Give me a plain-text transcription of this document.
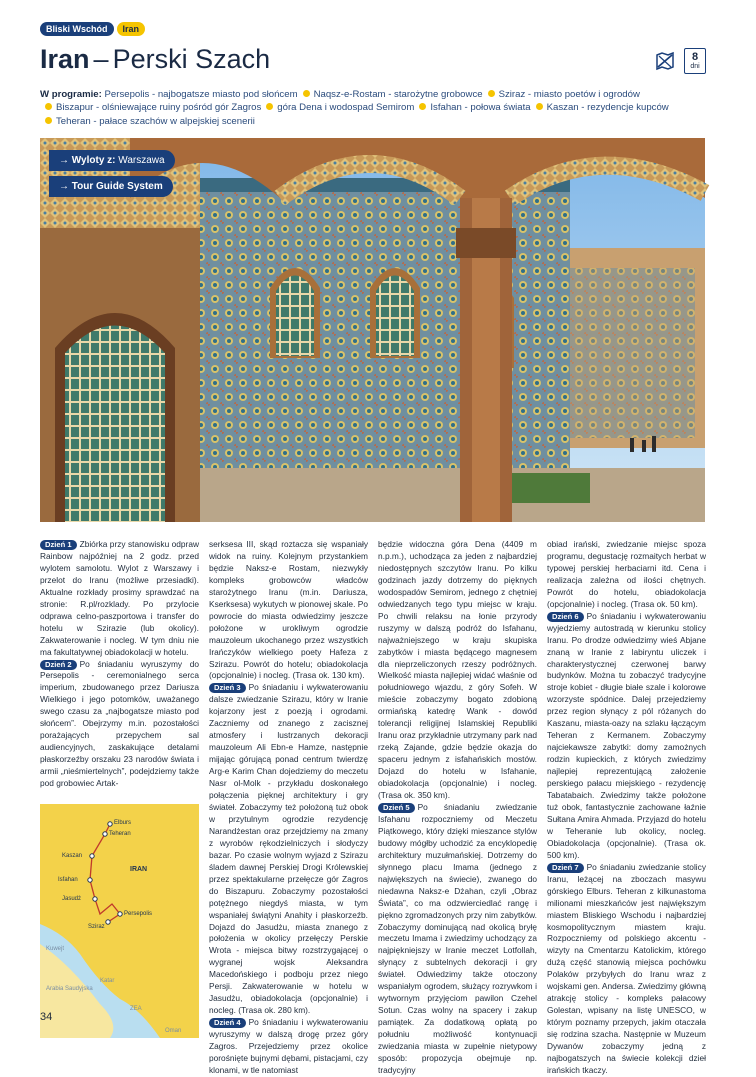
Bliski Wschód	Iran
Iran – Perski Szach	8
dni
W programie: Persepolis - najbogatsze miasto pod słońcem Naqsz-e-Rostam - starożytne grobowce Sziraz - miasto poetów i ogrodów
Biszapur - olśniewające ruiny pośród gór Zagros góra Dena i wodospad Semirom Isfahan - połowa świata Kaszan - rezydencje kupców
Teheran - pałace szachów w alpejskiej scenerii
→ Wyloty z: Warszawa
→ Tour Guide System

Dzień 1 Zbiórka przy stanowisku odpraw Rainbow najpóźniej na 2 godz. przed wylotem samolotu. Wylot z Warszawy i przelot do Iranu (możliwe przesiadki). Aktualne rozkłady prosimy sprawdzać na stronie: R.pl/rozklady. Po przylocie odprawa celno-paszportowa i transfer do hotelu w Szirazie (lub okolicy). Zakwaterowanie i nocleg. W tym dniu nie ma fakultatywnej obiadokolacji w hotelu.

Dzień 2 Po śniadaniu wyruszymy do Persepolis - ceremonialnego serca imperium, zbudowanego przez Dariusza Wielkiego i jego potomków, uważanego swego czasu za „najbogatsze miasto pod słońcem”. Obejrzymy m.in. pozostałości porażających przepychem sal audiencyjnych, zaskakujące detalami płaskorzeźby orszaku 23 narodów świata i armii „nieśmiertelnych”, podejdziemy także pod grobowiec Artak-

Elburs
Teheran
Kaszan
IRAN
Isfahan
Jasudż
Persepolis
Sziraz
Arabia Saudyjska
Katar
ZEA
Oman
Kuwejt

serksesa III, skąd roztacza się wspaniały widok na ruiny. Kolejnym przystankiem będzie Naksz-e Rostam, niezwykły kompleks grobowców władców starożytnego Iranu (m.in. Dariusza, Kserksesa) wykutych w pionowej skale. Po powrocie do miasta odwiedzimy jeszcze położone w urokliwym ogrodzie mauzoleum ukochanego przez wszystkich Irańczyków wielkiego poety Hafeza z Szirazu. Powrót do hotelu; obiadokolacja (opcjonalnie) i nocleg. (Trasa ok. 130 km).

Dzień 3 Po śniadaniu i wykwaterowaniu dalsze zwiedzanie Szirazu, który w Iranie kojarzony jest z poezją i ogrodami. Zaczniemy od znanego z zacisznej atmosfery i lustrzanych dekoracji mauzoleum Ali Ebn-e Hamze, następnie mijając górującą ponad centrum twierdzę Arg-e Karim Chan dojedziemy do meczetu Nasr ol-Molk - przykładu doskonałego połączenia pięknej architektury i gry świateł. Zobaczymy też położoną tuż obok w przytulnym ogrodzie rezydencję Narandżestan oraz przejdziemy na zmany z wyrobów rękodzielniczych i słodyczy bazar. Po czasie wolnym wyjazd z Szirazu śladem dawnej Perskiej Drogi Królewskiej przez spektakularne przełęcze gór Zagros do Biszapuru. Zobaczymy pozostałości potężnego niegdyś miasta, w tym wspaniałej świątyni Anahity i płaskorzeźb. Dojazd do Jasudżu, miasta znanego z położenia w okolicy przełęczy Perskie Wrota - miejsca bitwy rozstrzygającej o wygranej wojsk Aleksandra Macedońskiego i podboju przez niego Persji. Zakwaterowanie w hotelu w Jasudżu, obiadokolacja (opcjonalnie) i nocleg. (Trasa ok. 280 km).

Dzień 4 Po śniadaniu i wykwaterowaniu wyruszymy w dalszą drogę przez góry Zagros. Przejedziemy przez okolice porośnięte bujnymi dębami, pistacjami, czy klonami, w tle natomiast

będzie widoczna góra Dena (4409 m n.p.m.), uchodząca za jeden z najbardziej niedostępnych szczytów Iranu. Po kilku godzinach jazdy dotrzemy do pięknych wodospadów Semirom, jednego z chętniej odwiedzanych tego typu miejsc w kraju. Po chwili relaksu na łonie przyrody ruszymy w dalszą podróż do Isfahanu, najważniejszego w kraju skupiska zabytków i miasta będącego magnesem dla nieprzeliczonych rzeszy podróżnych. Wielkość miasta najlepiej widać właśnie od południowego wjazdu, z góry Sofeh. W mieście zobaczymy bogato zdobioną ormiańską katedrę Wank - dowód tolerancji religijnej Islamskiej Republiki Iranu oraz przykładnie utrzymany park nad rzeką Zajande, gdzie będzie okazja do spaceru jednym z isfahańskich mostów. Dojazd do hotelu w Isfahanie, obiadokolacja (opcjonalnie) i nocleg. (Trasa ok. 350 km).

Dzień 5 Po śniadaniu zwiedzanie Isfahanu rozpoczniemy od Meczetu Piątkowego, który dzięki mieszance stylów budowy mógłby uchodzić za encyklopedię architektury muzułmańskiej. Dotrzemy do słynnego placu Imama (jednego z największych na świecie), zwanego do niedawna Naksz-e Dżahan, czyli „Obraz Świata”, co ma odzwierciedlać rangę i piękno zgromadzonych przy nim zabytków. Zobaczymy dominującą nad okolicą bryłę meczetu Imama i zwiedzimy uchodzący za najpiękniejszy w Iranie meczet Lotfollah, słynący z subtelnych dekoracji i gry świateł. Odwiedzimy także otoczony wspaniałym ogrodem, służący rozrywkom i wytwornym przyjęciom pawilon Czehel Sotun. Czas wolny na spacery i zakup pamiątek. Za dodatkową opłatą po południu możliwość kontynuacji zwiedzania miasta w zupełnie nietypowy sposób: propozycja obejmuje np. tradycyjny

obiad irański, zwiedzanie miejsc spoza programu, degustację rozmaitych herbat w typowej perskiej herbaciarni itd. Cena i realizacja zależna od ilości chętnych. Powrót do hotelu, obiadokolacja (opcjonalnie) i nocleg. (Trasa ok. 50 km).

Dzień 6 Po śniadaniu i wykwaterowaniu wyjedziemy autostradą w kierunku stolicy Iranu. Po drodze odwiedzimy wieś Abjane znaną w Iranie z labiryntu uliczek i charakterystycznej czerwonej barwy budynków. Można tu zobaczyć tradycyjne stroje kobiet - długie białe szale i kolorowe wzorzyste spódnice. Dalej przejedziemy przez region słynący z pól różanych do Kaszanu, miasta-oazy na szlaku łączącym Teheran z Kermanem. Zobaczymy najciekawsze zabytki: domy zamożnych rodzin kupieckich, z których zwiedzimy najlepiej reprezentującą założenie perskiego pałacu miejskiego - rezydencję Tabatabaich. Zwiedzimy także położone tuż obok, fantastycznie zachowane łaźnie Sułtana Amira Ahmada. Przyjazd do hotelu w Teheranie lub okolicy, nocleg. Obiadokolacja (opcjonalnie). (Trasa ok. 500 km).

Dzień 7 Po śniadaniu zwiedzanie stolicy Iranu, leżącej na zboczach masywu górskiego Elburs. Teheran z kilkunastoma milionami mieszkańców jest największym miastem Bliskiego Wschodu i najbardziej kosmopolitycznym miastem kraju. Rozpoczniemy od polskiego akcentu - wizyty na Cmentarzu Katolickim, którego dużą część stanowią miejsca pochówku Polaków przybyłych do Iranu wraz z wojskami gen. Andersa. Zwiedzimy główną atrakcję stolicy - kompleks pałacowy Golestan, wpisany na listę UNESCO, w którym poznamy przepych, jakim otaczała się rodzina szacha. Następnie w Muzeum Dywanów zobaczymy jedną z najbogatszych na świecie kolekcji dzieł irańskich tkaczy.

34
